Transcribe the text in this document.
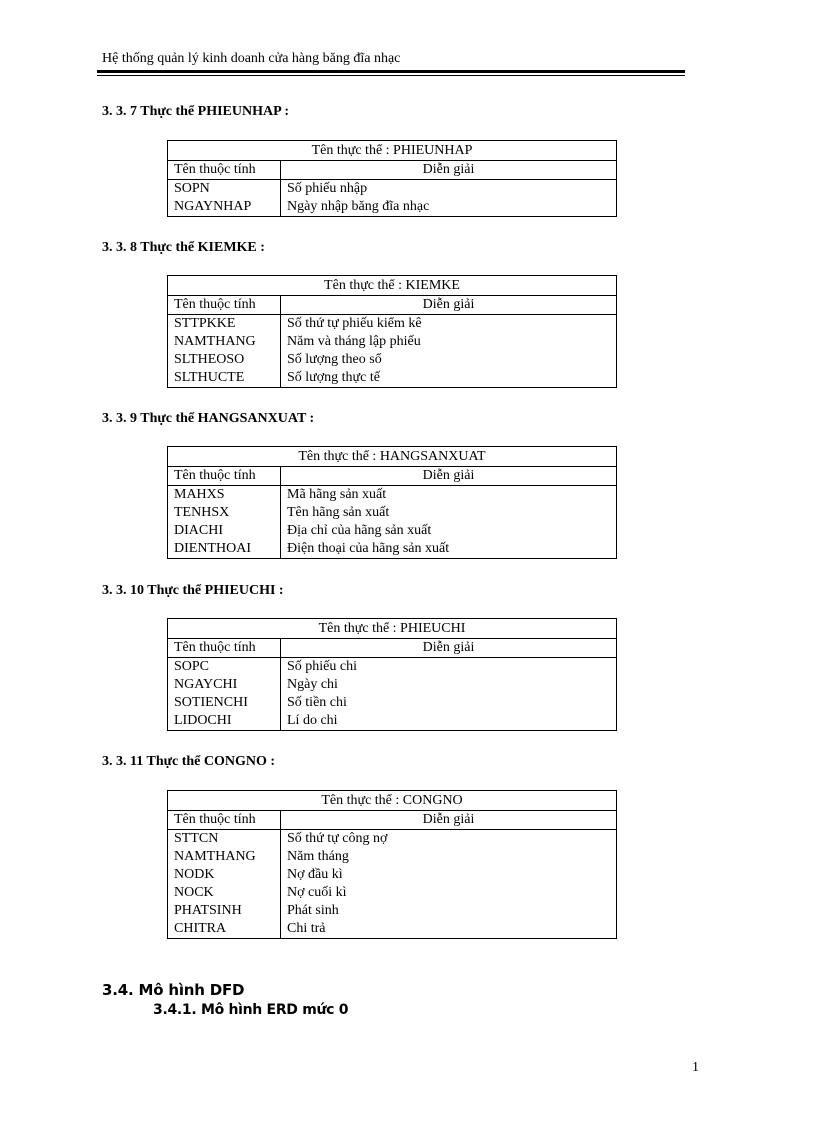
Hệ thống quản lý kinh doanh cửa hàng băng đĩa nhạc
3. 3. 7 Thực thể PHIEUNHAP :
Tên thực thể : PHIEUNHAP	
Tên thuộc tính	Diễn giải
SOPN	Số phiếu nhập
NGAYNHAP	Ngày nhập băng đĩa nhạc
3. 3. 8 Thực thể KIEMKE :
Tên thực thể : KIEMKE	
Tên thuộc tính	Diễn giải
STTPKKE	Số thứ tự phiếu kiểm kê
NAMTHANG	Năm và tháng lập phiếu
SLTHEOSO	Số lượng theo sổ
SLTHUCTE	Số lượng thực tế
3. 3. 9 Thực thể HANGSANXUAT :
Tên thực thể : HANGSANXUAT	
Tên thuộc tính	Diễn giải
MAHXS	Mã hãng sản xuất
TENHSX	Tên hãng sản xuất
DIACHI	Địa chỉ của hãng sản xuất
DIENTHOAI	Điện thoại của hãng sản xuất
3. 3. 10 Thực thể PHIEUCHI :
Tên thực thể : PHIEUCHI	
Tên thuộc tính	Diễn giải
SOPC	Số phiếu chi
NGAYCHI	Ngày chi
SOTIENCHI	Số tiền chi
LIDOCHI	Lí do chi
3. 3. 11 Thực thể CONGNO :
Tên thực thể : CONGNO	
Tên thuộc tính	Diễn giải
STTCN	Số thứ tự công nợ
NAMTHANG	Năm tháng
NODK	Nợ đầu kì
NOCK	Nợ cuối kì
PHATSINH	Phát sinh
CHITRA	Chi trả
3.4. Mô hình DFD
3.4.1. Mô hình ERD mức 0
1
